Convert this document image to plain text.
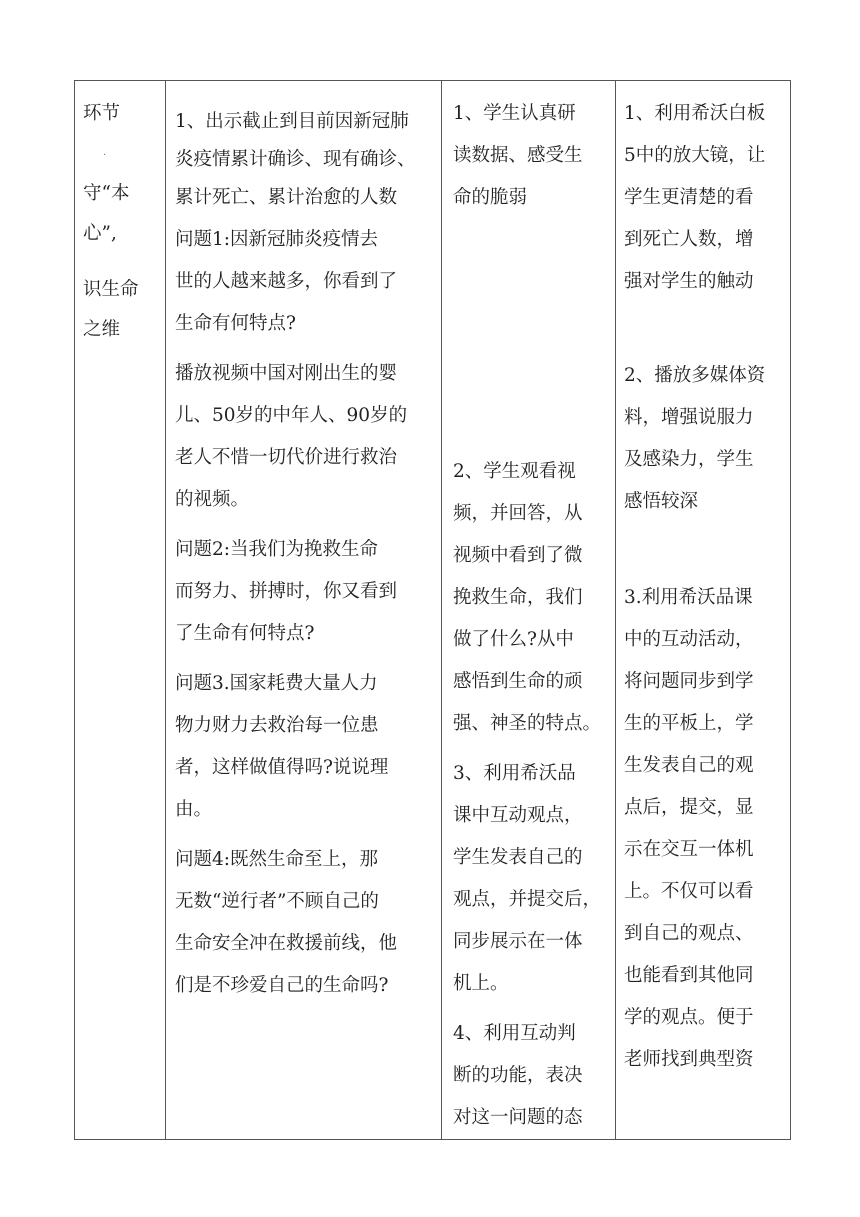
环节

·

守“本

心”,

识生命

之维

1、出示截止到目前因新冠肺

炎疫情累计确诊、现有确诊、

累计死亡、累计治愈的人数

问题1:因新冠肺炎疫情去

世的人越来越多，你看到了

生命有何特点?

播放视频中国对刚出生的婴

儿、50岁的中年人、90岁的

老人不惜一切代价进行救治

的视频。

问题2:当我们为挽救生命

而努力、拼搏时，你又看到

了生命有何特点?

问题3.国家耗费大量人力

物力财力去救治每一位患

者，这样做值得吗?说说理

由。

问题4:既然生命至上，那

无数“逆行者”不顾自己的

生命安全冲在救援前线，他

们是不珍爱自己的生命吗?

1、学生认真研

读数据、感受生

命的脆弱

2、学生观看视

频，并回答，从

视频中看到了微

挽救生命，我们

做了什么?从中

感悟到生命的顽

强、神圣的特点。

3、利用希沃品

课中互动观点，

学生发表自己的

观点，并提交后，

同步展示在一体

机上。

4、利用互动判

断的功能，表决

对这一问题的态

1、利用希沃白板

5中的放大镜，让

学生更清楚的看

到死亡人数，增

强对学生的触动

2、播放多媒体资

料，增强说服力

及感染力，学生

感悟较深

3.利用希沃品课

中的互动活动，

将问题同步到学

生的平板上，学

生发表自己的观

点后，提交，显

示在交互一体机

上。不仅可以看

到自己的观点、

也能看到其他同

学的观点。便于

老师找到典型资
